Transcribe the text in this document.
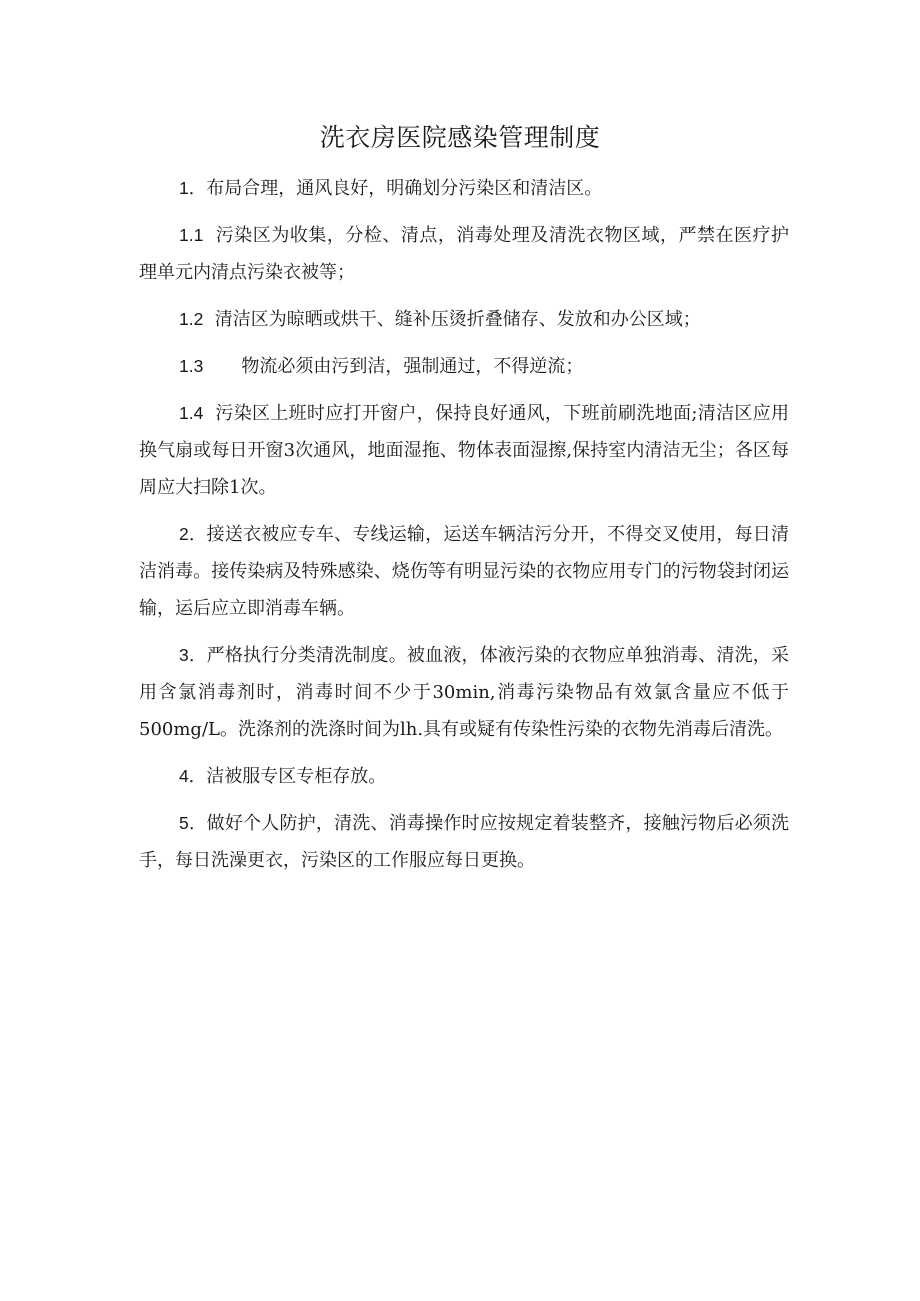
洗衣房医院感染管理制度

1．布局合理，通风良好，明确划分污染区和清洁区。

1.1 污染区为收集，分检、清点，消毒处理及清洗衣物区域，严禁在医疗护理单元内清点污染衣被等；

1.2 清洁区为晾晒或烘干、缝补压烫折叠储存、发放和办公区域；

1.3 物流必须由污到洁，强制通过，不得逆流；

1.4 污染区上班时应打开窗户，保持良好通风，下班前刷洗地面;清洁区应用换气扇或每日开窗3次通风，地面湿拖、物体表面湿擦,保持室内清洁无尘；各区每周应大扫除1次。

2．接送衣被应专车、专线运输，运送车辆洁污分开，不得交叉使用，每日清洁消毒。接传染病及特殊感染、烧伤等有明显污染的衣物应用专门的污物袋封闭运输，运后应立即消毒车辆。

3．严格执行分类清洗制度。被血液，体液污染的衣物应单独消毒、清洗，采用含氯消毒剂时，消毒时间不少于30min,消毒污染物品有效氯含量应不低于500mg∕L。洗涤剂的洗涤时间为lh.具有或疑有传染性污染的衣物先消毒后清洗。

4．洁被服专区专柜存放。

5．做好个人防护，清洗、消毒操作时应按规定着装整齐，接触污物后必须洗手，每日洗澡更衣，污染区的工作服应每日更换。
